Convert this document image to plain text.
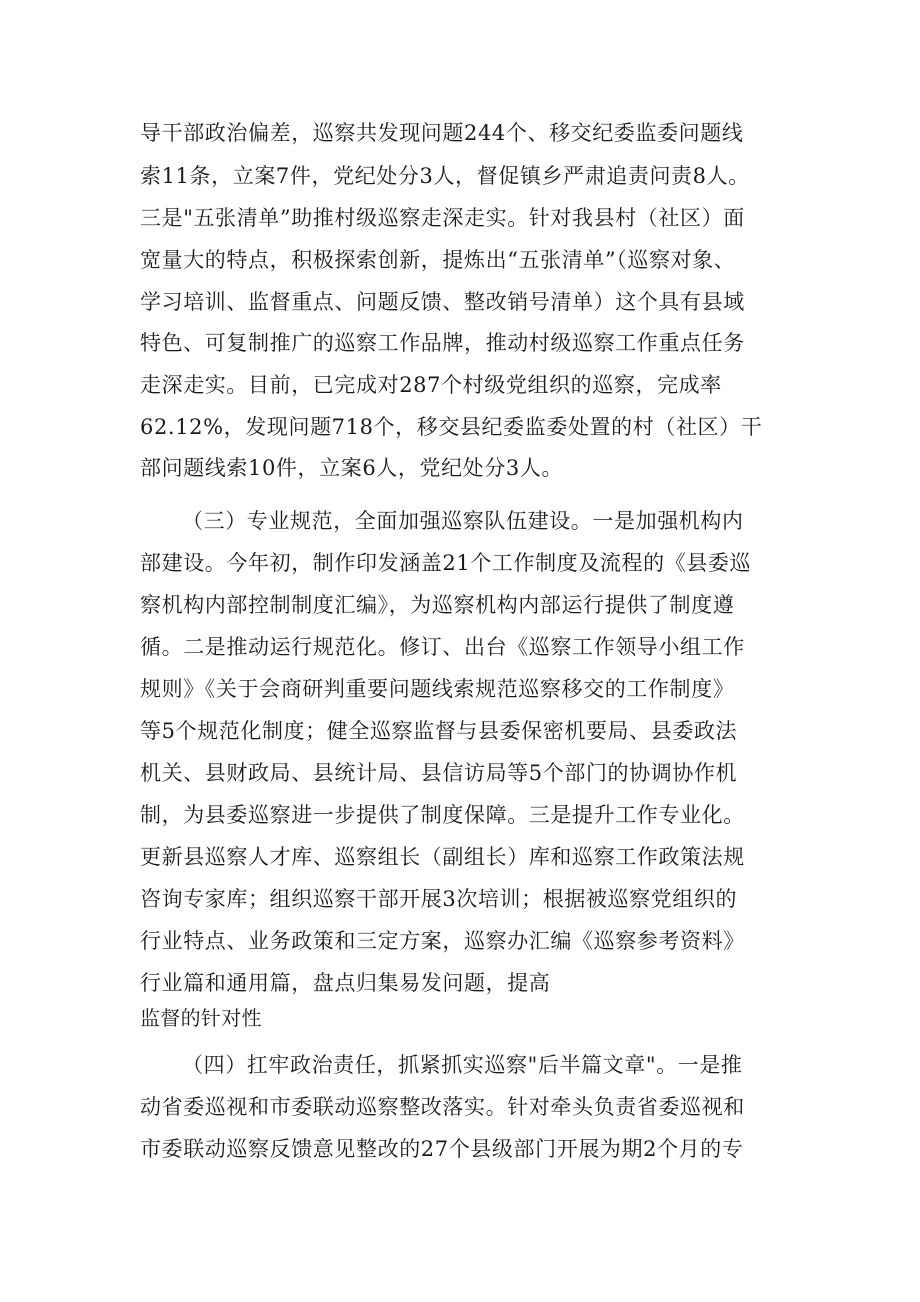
导干部政治偏差，巡察共发现问题244个、移交纪委监委问题线
索11条，立案7件，党纪处分3人，督促镇乡严肃追责问责8人。
三是"五张清单”助推村级巡察走深走实。针对我县村（社区）面
宽量大的特点，积极探索创新，提炼出“五张清单”（巡察对象、
学习培训、监督重点、问题反馈、整改销号清单）这个具有县域
特色、可复制推广的巡察工作品牌，推动村级巡察工作重点任务
走深走实。目前，已完成对287个村级党组织的巡察，完成率
62.12%，发现问题718个，移交县纪委监委处置的村（社区）干
部问题线索10件，立案6人，党纪处分3人。
（三）专业规范，全面加强巡察队伍建设。一是加强机构内
部建设。今年初，制作印发涵盖21个工作制度及流程的《县委巡
察机构内部控制制度汇编》，为巡察机构内部运行提供了制度遵
循。二是推动运行规范化。修订、出台《巡察工作领导小组工作
规则》《关于会商研判重要问题线索规范巡察移交的工作制度》
等5个规范化制度；健全巡察监督与县委保密机要局、县委政法
机关、县财政局、县统计局、县信访局等5个部门的协调协作机
制，为县委巡察进一步提供了制度保障。三是提升工作专业化。
更新县巡察人才库、巡察组长（副组长）库和巡察工作政策法规
咨询专家库；组织巡察干部开展3次培训；根据被巡察党组织的
行业特点、业务政策和三定方案，巡察办汇编《巡察参考资料》
行业篇和通用篇，盘点归集易发问题，提高
监督的针对性
（四）扛牢政治责任，抓紧抓实巡察"后半篇文章"。一是推
动省委巡视和市委联动巡察整改落实。针对牵头负责省委巡视和
市委联动巡察反馈意见整改的27个县级部门开展为期2个月的专
